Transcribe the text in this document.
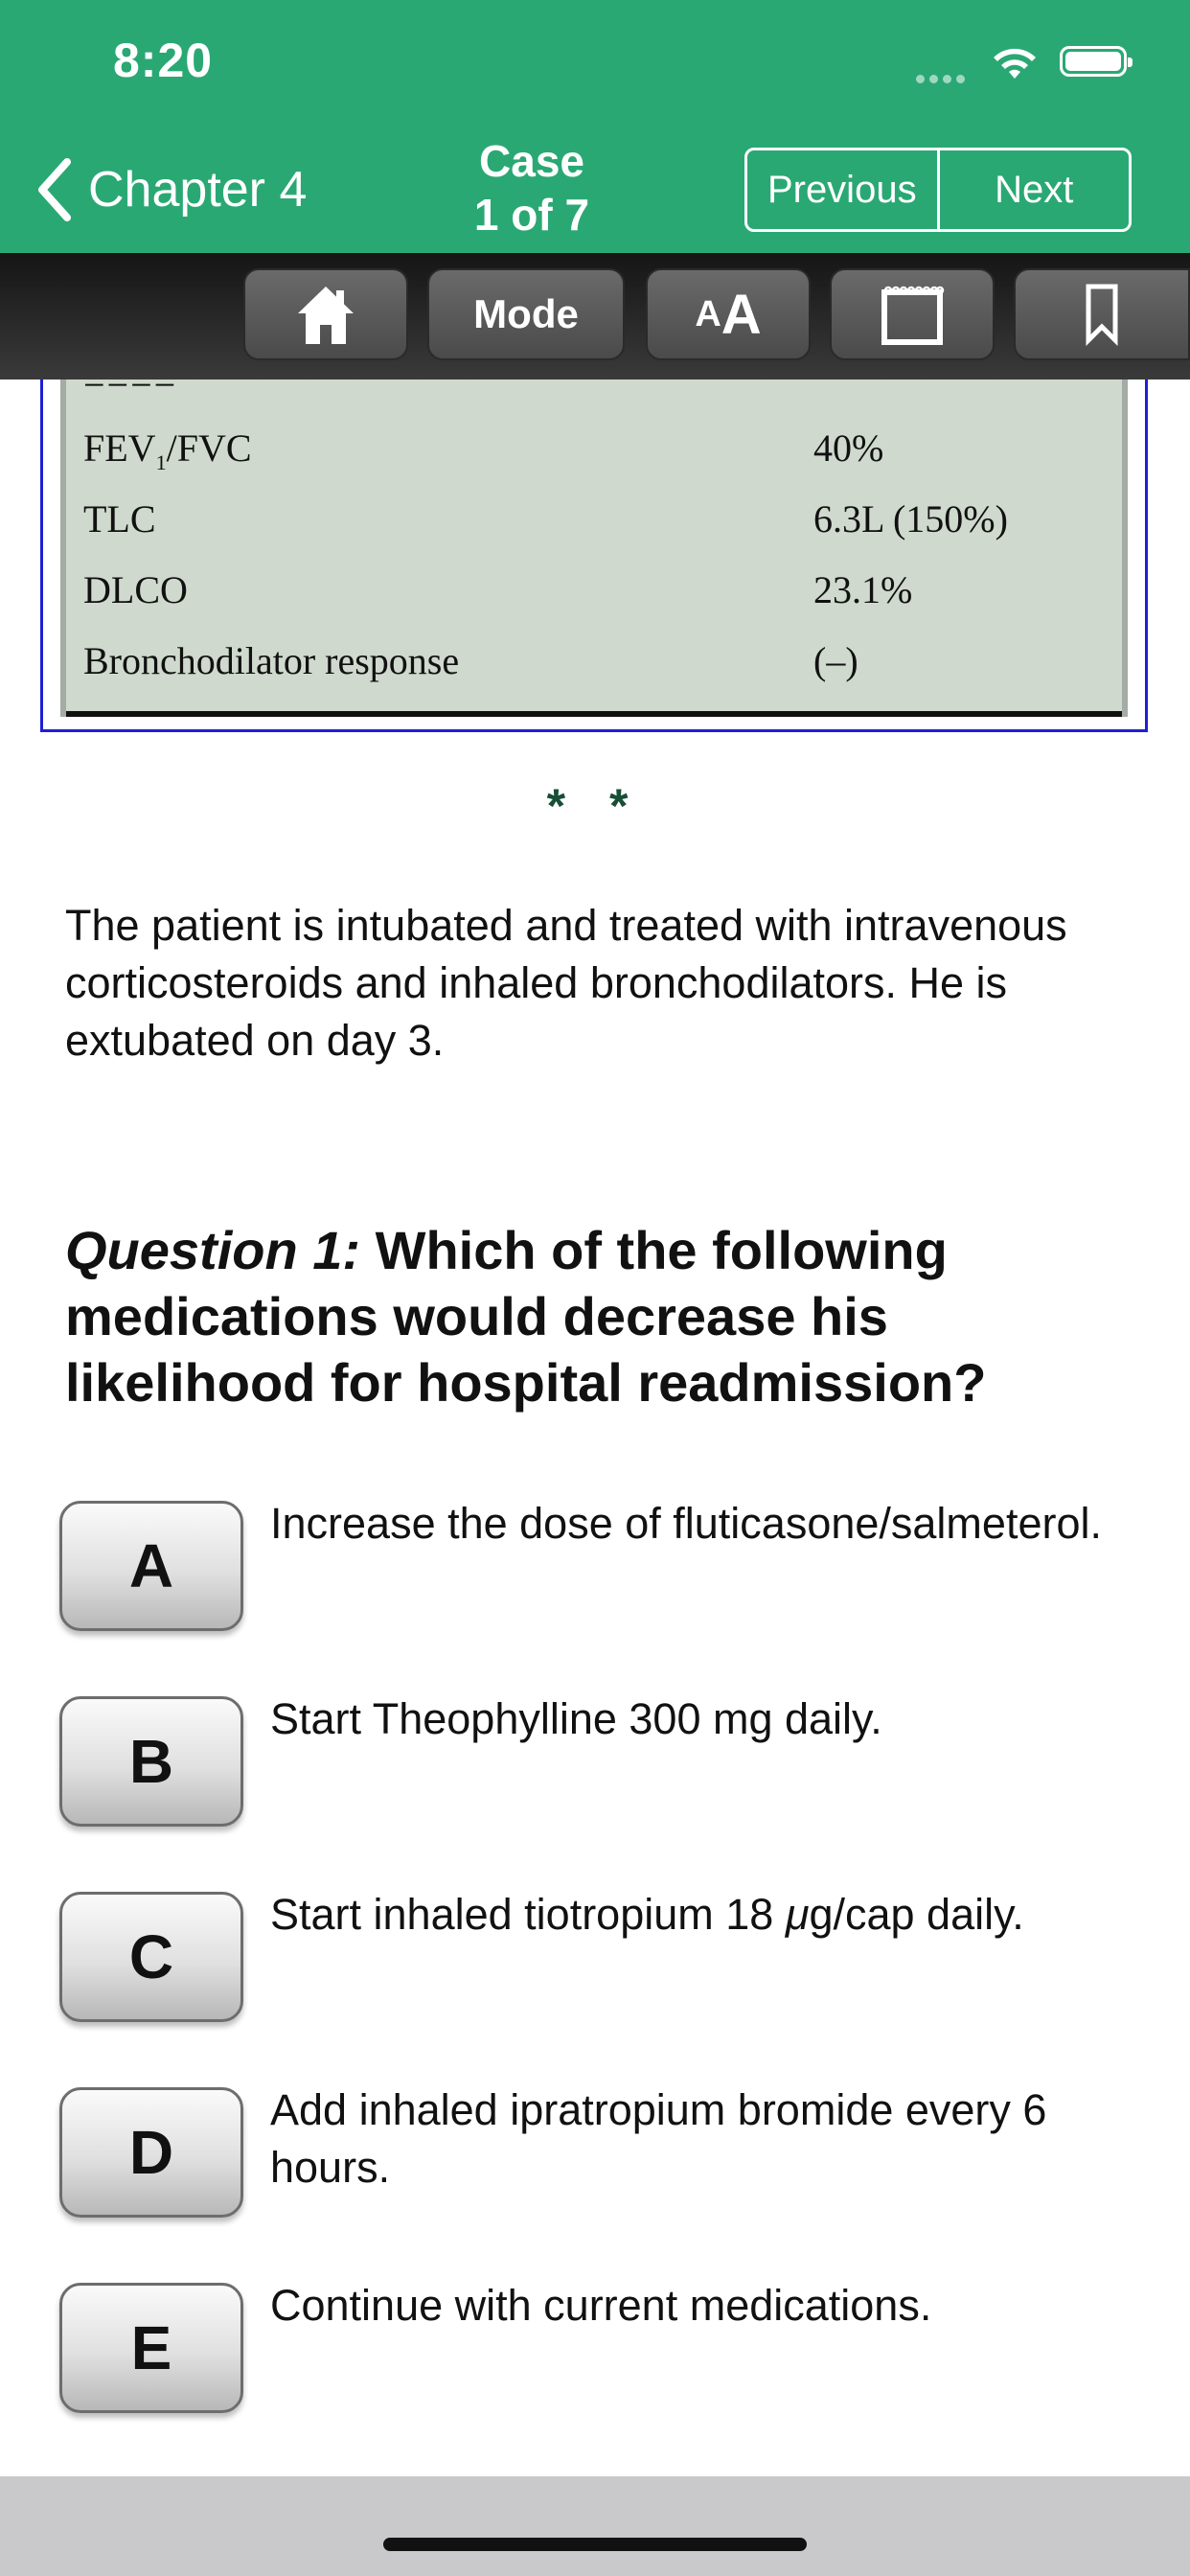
8:20
Chapter 4
Case
1 of 7
Previous	Next
Mode	A A
−−−−
$FEV_1$/FVC	40%
TLC	6.3L (150%)
DLCO	23.1%
Bronchodilator response	(–)
* *
The patient is intubated and treated with intravenous corticosteroids and inhaled bronchodilators. He is extubated on day 3.
Question 1: Which of the following medications would decrease his likelihood for hospital readmission?
A
Increase the dose of fluticasone/salmeterol.
B
Start Theophylline 300 mg daily.
C
Start inhaled tiotropium 18 μg/cap daily.
D
Add inhaled ipratropium bromide every 6 hours.
E
Continue with current medications.
